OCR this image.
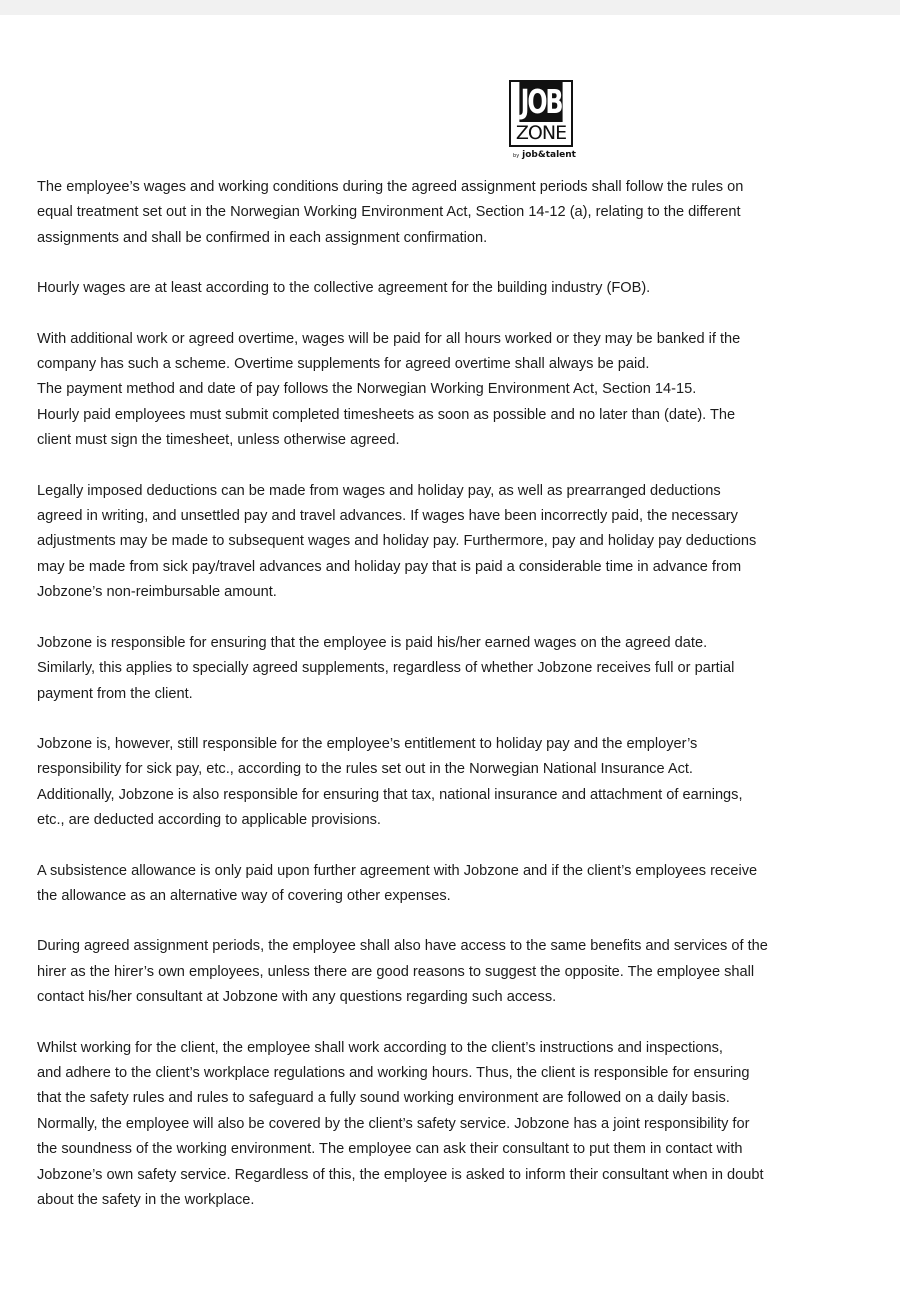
JOB
ZONE
by job&talent
The employee’s wages and working conditions during the agreed assignment periods shall follow the rules on
equal treatment set out in the Norwegian Working Environment Act, Section 14-12 (a), relating to the different
assignments and shall be confirmed in each assignment confirmation.
Hourly wages are at least according to the collective agreement for the building industry (FOB).
With additional work or agreed overtime, wages will be paid for all hours worked or they may be banked if the
company has such a scheme. Overtime supplements for agreed overtime shall always be paid.
The payment method and date of pay follows the Norwegian Working Environment Act, Section 14-15.
Hourly paid employees must submit completed timesheets as soon as possible and no later than (date). The
client must sign the timesheet, unless otherwise agreed.
Legally imposed deductions can be made from wages and holiday pay, as well as prearranged deductions
agreed in writing, and unsettled pay and travel advances. If wages have been incorrectly paid, the necessary
adjustments may be made to subsequent wages and holiday pay. Furthermore, pay and holiday pay deductions
may be made from sick pay/travel advances and holiday pay that is paid a considerable time in advance from
Jobzone’s non-reimbursable amount.
Jobzone is responsible for ensuring that the employee is paid his/her earned wages on the agreed date.
Similarly, this applies to specially agreed supplements, regardless of whether Jobzone receives full or partial
payment from the client.
Jobzone is, however, still responsible for the employee’s entitlement to holiday pay and the employer’s
responsibility for sick pay, etc., according to the rules set out in the Norwegian National Insurance Act.
Additionally, Jobzone is also responsible for ensuring that tax, national insurance and attachment of earnings,
etc., are deducted according to applicable provisions.
A subsistence allowance is only paid upon further agreement with Jobzone and if the client’s employees receive
the allowance as an alternative way of covering other expenses.
During agreed assignment periods, the employee shall also have access to the same benefits and services of the
hirer as the hirer’s own employees, unless there are good reasons to suggest the opposite. The employee shall
contact his/her consultant at Jobzone with any questions regarding such access.
Whilst working for the client, the employee shall work according to the client’s instructions and inspections,
and adhere to the client’s workplace regulations and working hours. Thus, the client is responsible for ensuring
that the safety rules and rules to safeguard a fully sound working environment are followed on a daily basis.
Normally, the employee will also be covered by the client’s safety service. Jobzone has a joint responsibility for
the soundness of the working environment. The employee can ask their consultant to put them in contact with
Jobzone’s own safety service. Regardless of this, the employee is asked to inform their consultant when in doubt
about the safety in the workplace.
